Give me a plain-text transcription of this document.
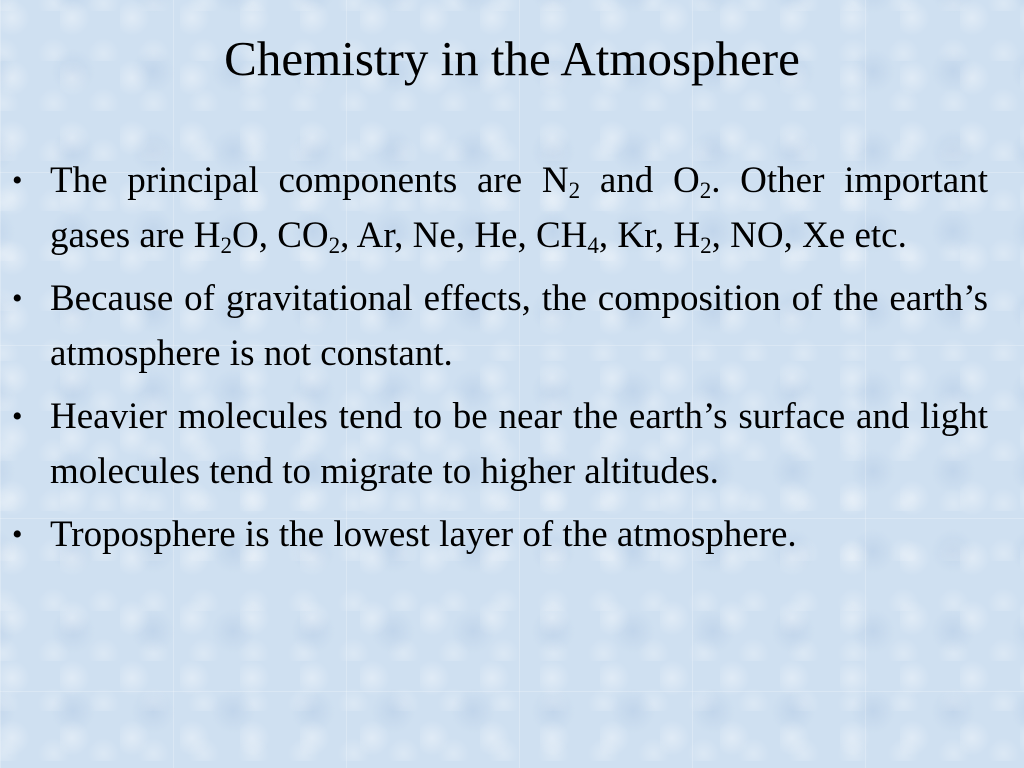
Chemistry in the Atmosphere
• The principal components are $N_2$ and $O_2$. Other important gases are $H_2O$, $CO_2$, Ar, Ne, He, $CH_4$, Kr, $H_2$, NO, Xe etc.
• Because of gravitational effects, the composition of the earth’s atmosphere is not constant.
• Heavier molecules tend to be near the earth’s surface and light molecules tend to migrate to higher altitudes.
• Troposphere is the lowest layer of the atmosphere.
